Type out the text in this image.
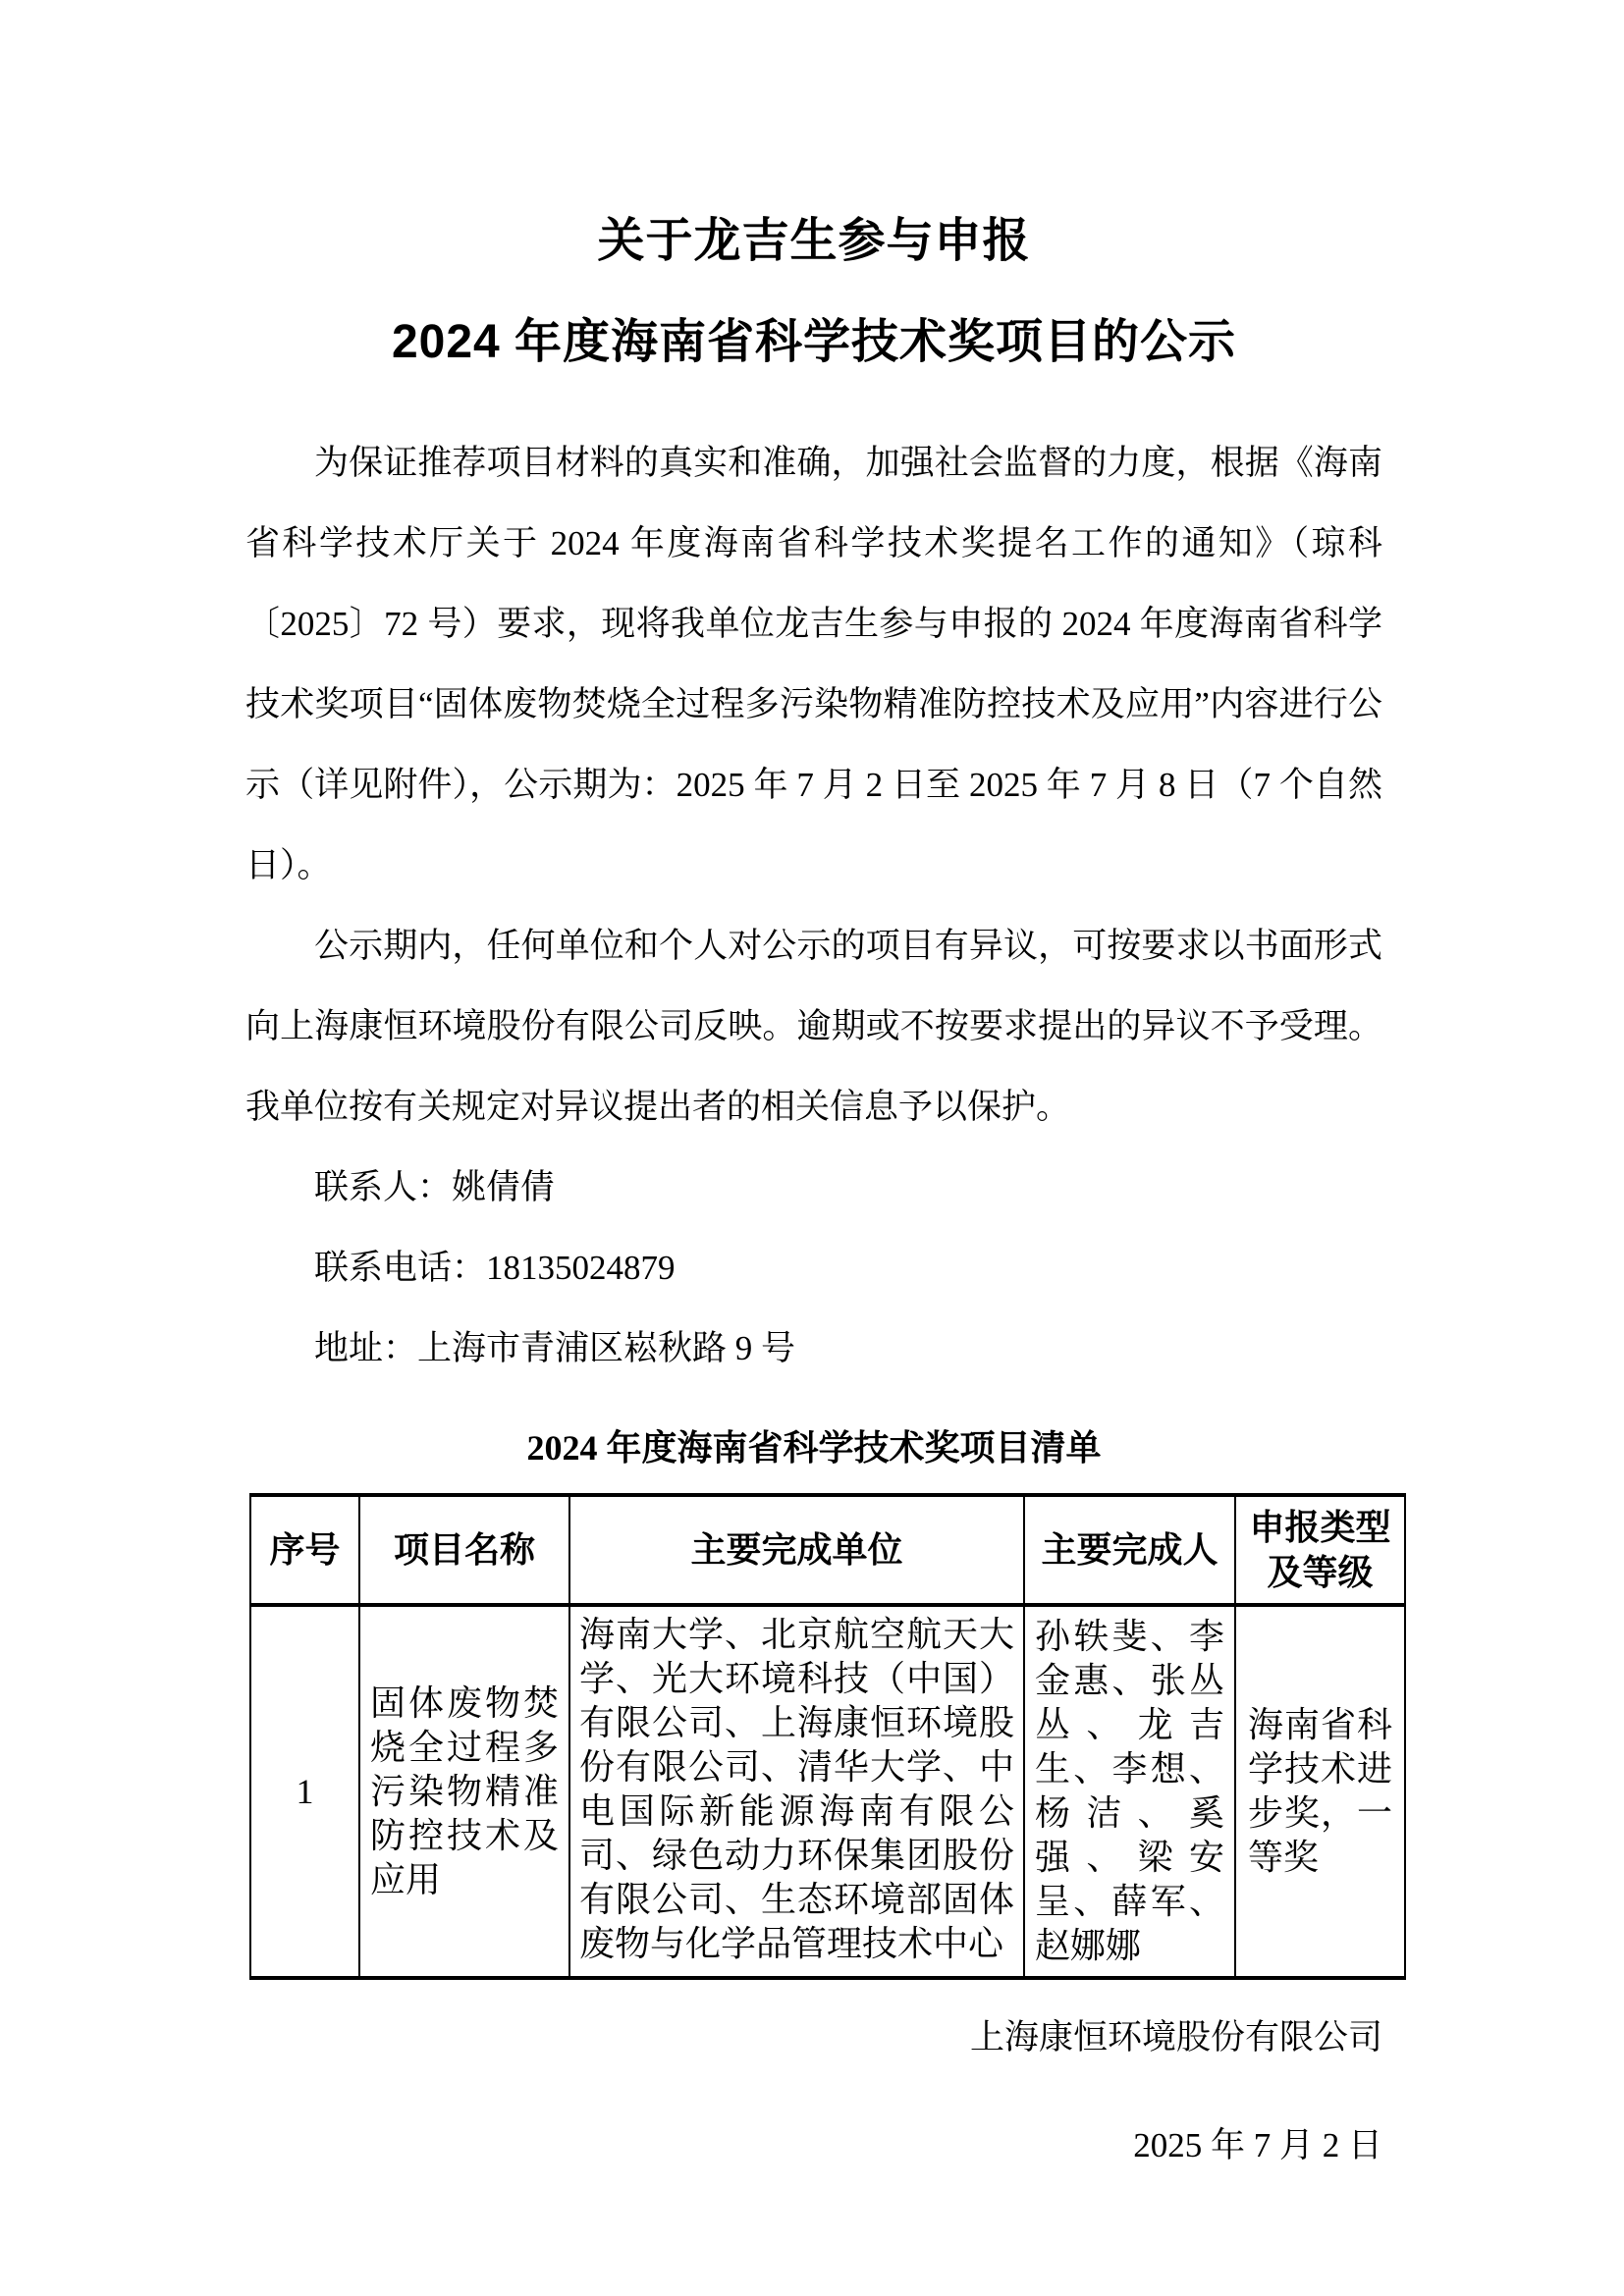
关于龙吉生参与申报
2024 年度海南省科学技术奖项目的公示

为保证推荐项目材料的真实和准确，加强社会监督的力度，根据《海南省科学技术厅关于 2024 年度海南省科学技术奖提名工作的通知》（琼科〔2025〕72 号）要求，现将我单位龙吉生参与申报的 2024 年度海南省科学技术奖项目“固体废物焚烧全过程多污染物精准防控技术及应用”内容进行公示（详见附件），公示期为：2025 年 7 月 2 日至 2025 年 7 月 8 日（7 个自然日）。

公示期内，任何单位和个人对公示的项目有异议，可按要求以书面形式向上海康恒环境股份有限公司反映。逾期或不按要求提出的异议不予受理。我单位按有关规定对异议提出者的相关信息予以保护。

联系人：姚倩倩
联系电话：18135024879
地址：上海市青浦区崧秋路 9 号
2024 年度海南省科学技术奖项目清单
序号	项目名称	主要完成单位	主要完成人	申报类型及等级
1	固体废物焚烧全过程多污染物精准防控技术及应用	海南大学、北京航空航天大学、光大环境科技（中国）有限公司、上海康恒环境股份有限公司、清华大学、中电国际新能源海南有限公司、绿色动力环保集团股份有限公司、生态环境部固体废物与化学品管理技术中心	孙轶斐、李金惠、张丛丛、龙吉生、李想、杨洁、奚强、梁安呈、薛军、赵娜娜	海南省科学技术进步奖，一等奖
上海康恒环境股份有限公司
2025 年 7 月 2 日
